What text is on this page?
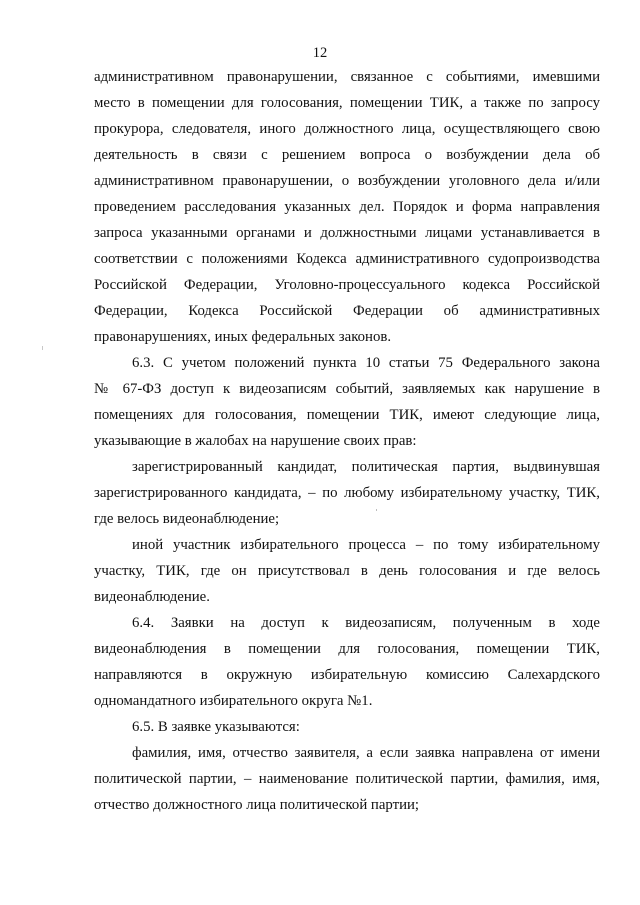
12
административном правонарушении, связанное с событиями, имевшими
место в помещении для голосования, помещении ТИК, а также по запросу
прокурора, следователя, иного должностного лица, осуществляющего свою
деятельность в связи с решением вопроса о возбуждении дела об
административном правонарушении, о возбуждении уголовного дела и/или
проведением расследования указанных дел. Порядок и форма направления
запроса указанными органами и должностными лицами устанавливается в
соответствии с положениями Кодекса административного судопроизводства
Российской Федерации, Уголовно-процессуального кодекса Российской
Федерации, Кодекса Российской Федерации об административных
правонарушениях, иных федеральных законов.
6.3. С учетом положений пункта 10 статьи 75 Федерального закона
№ 67-ФЗ доступ к видеозаписям событий, заявляемых как нарушение в
помещениях для голосования, помещении ТИК, имеют следующие лица,
указывающие в жалобах на нарушение своих прав:
зарегистрированный кандидат, политическая партия, выдвинувшая
зарегистрированного кандидата, – по любому избирательному участку, ТИК,
где велось видеонаблюдение;
иной участник избирательного процесса – по тому избирательному
участку, ТИК, где он присутствовал в день голосования и где велось
видеонаблюдение.
6.4. Заявки на доступ к видеозаписям, полученным в ходе
видеонаблюдения в помещении для голосования, помещении ТИК,
направляются в окружную избирательную комиссию Салехардского
одномандатного избирательного округа №1.
6.5. В заявке указываются:
фамилия, имя, отчество заявителя, а если заявка направлена от имени
политической партии, – наименование политической партии, фамилия, имя,
отчество должностного лица политической партии;
